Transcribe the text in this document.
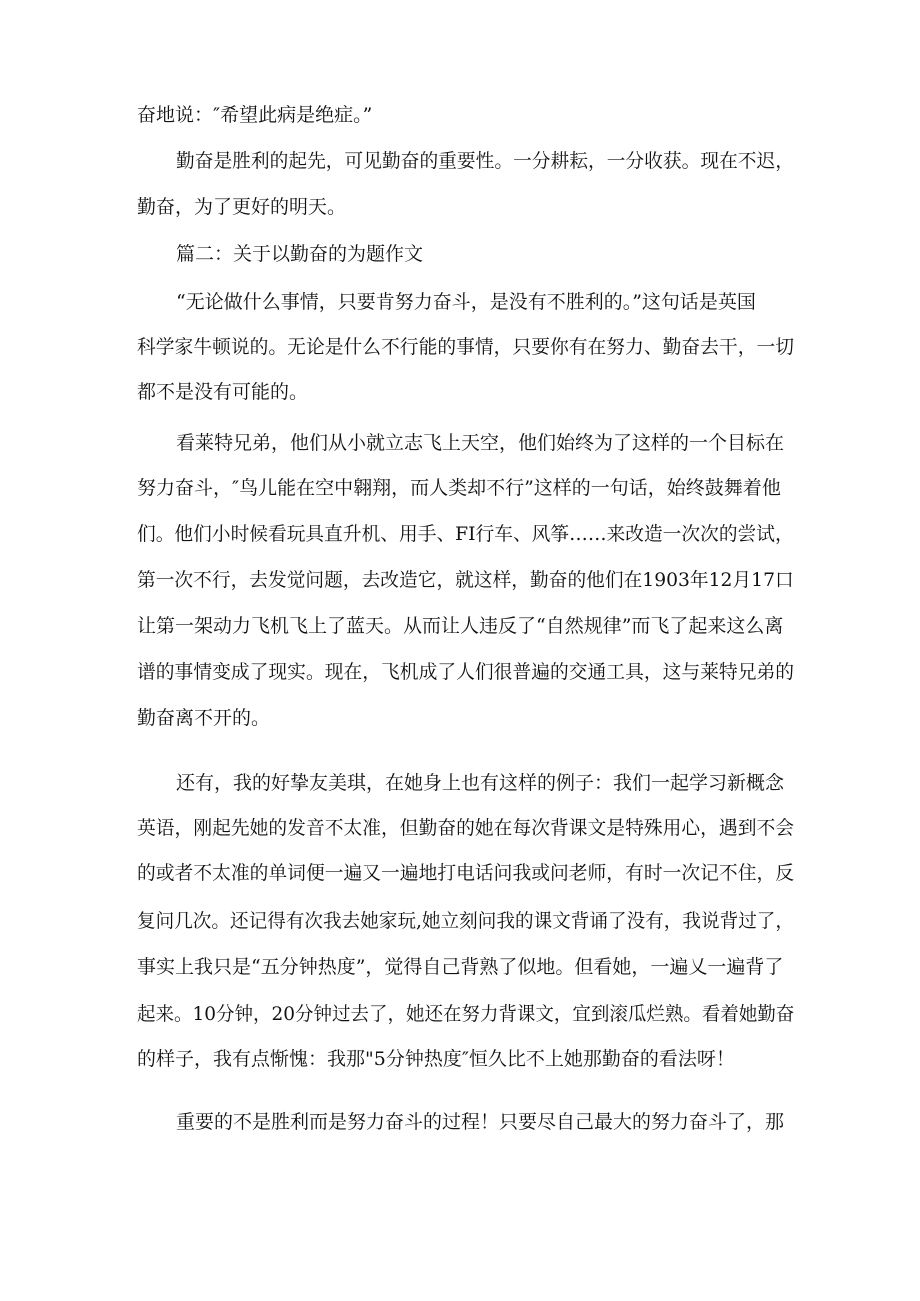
奋地说：″希望此病是绝症。”
勤奋是胜利的起先，可见勤奋的重要性。一分耕耘，一分收获。现在不迟，
勤奋，为了更好的明天。
篇二：关于以勤奋的为题作文
“无论做什么事情，只要肯努力奋斗，是没有不胜利的。”这句话是英国
科学家牛顿说的。无论是什么不行能的事情，只要你有在努力、勤奋去干，一切
都不是没有可能的。
看莱特兄弟，他们从小就立志飞上天空，他们始终为了这样的一个目标在
努力奋斗，″鸟儿能在空中翱翔，而人类却不行”这样的一句话，始终鼓舞着他
们。他们小时候看玩具直升机、用手、FI行车、风筝……来改造一次次的尝试，
第一次不行，去发觉问题，去改造它，就这样，勤奋的他们在1903年12月17口
让第一架动力飞机飞上了蓝天。从而让人违反了“自然规律”而飞了起来这么离
谱的事情变成了现实。现在，飞机成了人们很普遍的交通工具，这与莱特兄弟的
勤奋离不开的。
还有，我的好挚友美琪，在她身上也有这样的例子：我们一起学习新概念
英语，刚起先她的发音不太准，但勤奋的她在每次背课文是特殊用心，遇到不会
的或者不太准的单词便一遍又一遍地打电话问我或问老师，有时一次记不住，反
复问几次。还记得有次我去她家玩,她立刻问我的课文背诵了没有，我说背过了，
事实上我只是“五分钟热度”，觉得自己背熟了似地。但看她，一遍乂一遍背了
起来。10分钟，20分钟过去了，她还在努力背课文，宜到滚瓜烂熟。看着她勤奋
的样子，我有点惭愧：我那"5分钟热度″恒久比不上她那勤奋的看法呀！
重要的不是胜利而是努力奋斗的过程！只要尽自己最大的努力奋斗了，那
